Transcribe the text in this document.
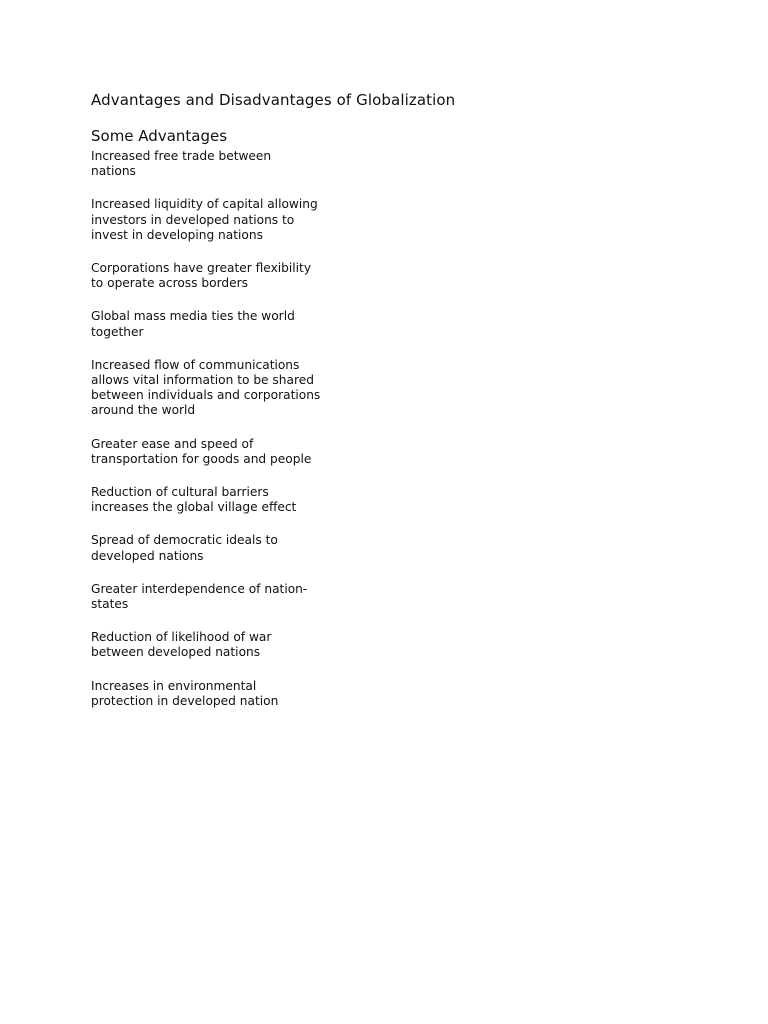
Advantages and Disadvantages of Globalization
Some Advantages
Increased free trade between
nations
Increased liquidity of capital allowing
investors in developed nations to
invest in developing nations
Corporations have greater flexibility
to operate across borders
Global mass media ties the world
together
Increased flow of communications
allows vital information to be shared
between individuals and corporations
around the world
Greater ease and speed of
transportation for goods and people
Reduction of cultural barriers
increases the global village effect
Spread of democratic ideals to
developed nations
Greater interdependence of nation-
states
Reduction of likelihood of war
between developed nations
Increases in environmental
protection in developed nation
